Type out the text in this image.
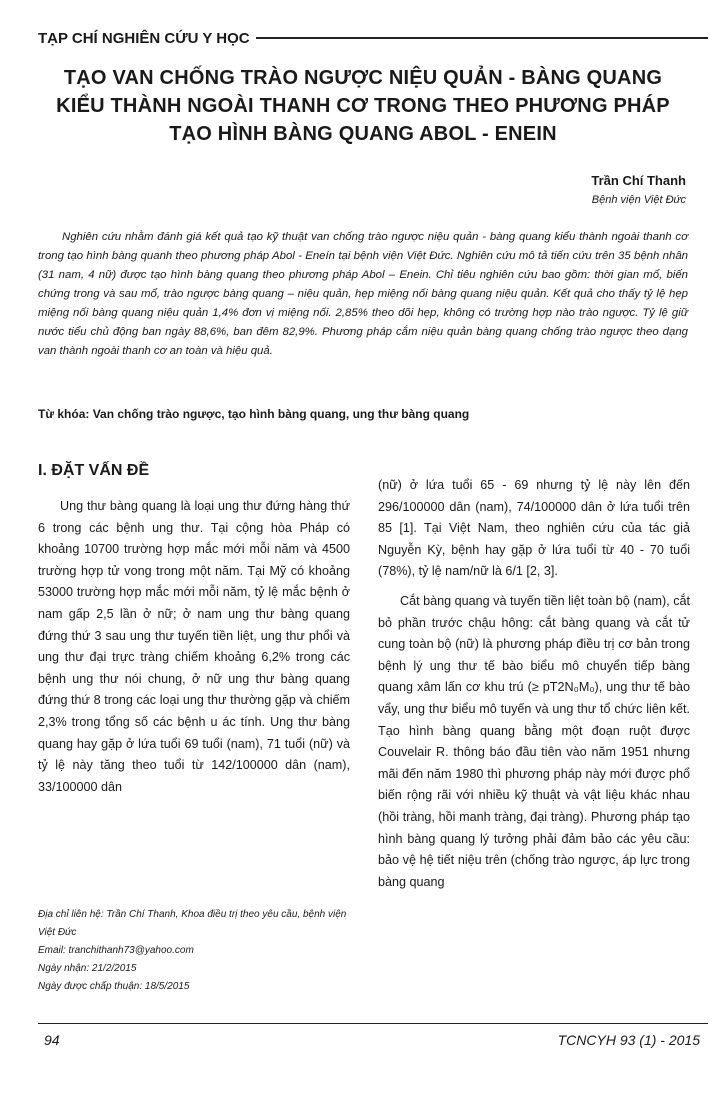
TẠP CHÍ NGHIÊN CỨU Y HỌC
TẠO VAN CHỐNG TRÀO NGƯỢC NIỆU QUẢN - BÀNG QUANG
KIỂU THÀNH NGOÀI THANH CƠ TRONG THEO PHƯƠNG PHÁP
TẠO HÌNH BÀNG QUANG ABOL - ENEIN
Trần Chí Thanh
Bệnh viện Việt Đức

Nghiên cứu nhằm đánh giá kết quả tạo kỹ thuật van chống trào ngược niệu quản - bàng quang kiểu thành ngoài thanh cơ trong tạo hình bàng quanh theo phương pháp Abol - Eneín tại bệnh viện Việt Đức. Nghiên cứu mô tả tiến cứu trên 35 bệnh nhân (31 nam, 4 nữ) được tạo hình bàng quang theo phương pháp Abol – Enein. Chỉ tiêu nghiên cứu bao gồm: thời gian mổ, biến chứng trong và sau mổ, trào ngược bàng quang – niệu quản, hẹp miệng nối bàng quang niệu quản. Kết quả cho thấy tỷ lệ hẹp miệng nối bàng quang niệu quản 1,4% đơn vị miệng nối. 2,85% theo dõi hẹp, không có trường hợp nào trào ngược. Tỷ lệ giữ nước tiểu chủ động ban ngày 88,6%, ban đêm 82,9%. Phương pháp cắm niệu quản bàng quang chống trào ngược theo dạng van thành ngoài thanh cơ an toàn và hiệu quả.

Từ khóa: Van chống trào ngược, tạo hình bàng quang, ung thư bàng quang
I. ĐẶT VẤN ĐỀ

Ung thư bàng quang là loại ung thư đứng hàng thứ 6 trong các bệnh ung thư. Tại cộng hòa Pháp có khoảng 10700 trường hợp mắc mới mỗi năm và 4500 trường hợp tử vong trong một năm. Tại Mỹ có khoảng 53000 trường hợp mắc mới mỗi năm, tỷ lệ mắc bệnh ở nam gấp 2,5 lần ở nữ; ở nam ung thư bàng quang đứng thứ 3 sau ung thư tuyến tiền liệt, ung thư phổi và ung thư đại trực tràng chiếm khoảng 6,2% trong các bệnh ung thư nói chung, ở nữ ung thư bàng quang đứng thứ 8 trong các loại ung thư thường gặp và chiếm 2,3% trong tổng số các bệnh u ác tính. Ung thư bàng quang hay gặp ở lứa tuổi 69 tuổi (nam), 71 tuổi (nữ) và tỷ lệ này tăng theo tuổi từ 142/100000 dân (nam), 33/100000 dân

Địa chỉ liên hệ: Trần Chí Thanh, Khoa điều trị theo yêu cầu, bệnh viện Việt Đức
Email: tranchithanh73@yahoo.com
Ngày nhận: 21/2/2015
Ngày được chấp thuận: 18/5/2015

(nữ) ở lứa tuổi 65 - 69 nhưng tỷ lệ này lên đến 296/100000 dân (nam), 74/100000 dân ở lứa tuổi trên 85 [1]. Tại Việt Nam, theo nghiên cứu của tác giả Nguyễn Kỳ, bệnh hay gặp ở lứa tuổi từ 40 - 70 tuổi (78%), tỷ lệ nam/nữ là 6/1 [2, 3].

Cắt bàng quang và tuyến tiền liệt toàn bộ (nam), cắt bỏ phần trước chậu hông: cắt bàng quang và cắt tử cung toàn bộ (nữ) là phương pháp điều trị cơ bản trong bệnh lý ung thư tế bào biểu mô chuyển tiếp bàng quang xâm lấn cơ khu trú (≥ pT2N₀M₀), ung thư tế bào vẩy, ung thư biểu mô tuyến và ung thư tổ chức liên kết. Tạo hình bàng quang bằng một đoạn ruột được Couvelair R. thông báo đầu tiên vào năm 1951 nhưng mãi đến năm 1980 thì phương pháp này mới được phổ biến rộng rãi với nhiều kỹ thuật và vật liệu khác nhau (hồi tràng, hồi manh tràng, đại tràng). Phương pháp tạo hình bàng quang lý tưởng phải đảm bảo các yêu cầu: bảo vệ hệ tiết niệu trên (chống trào ngược, áp lực trong bàng quang

94	TCNCYH 93 (1) - 2015
